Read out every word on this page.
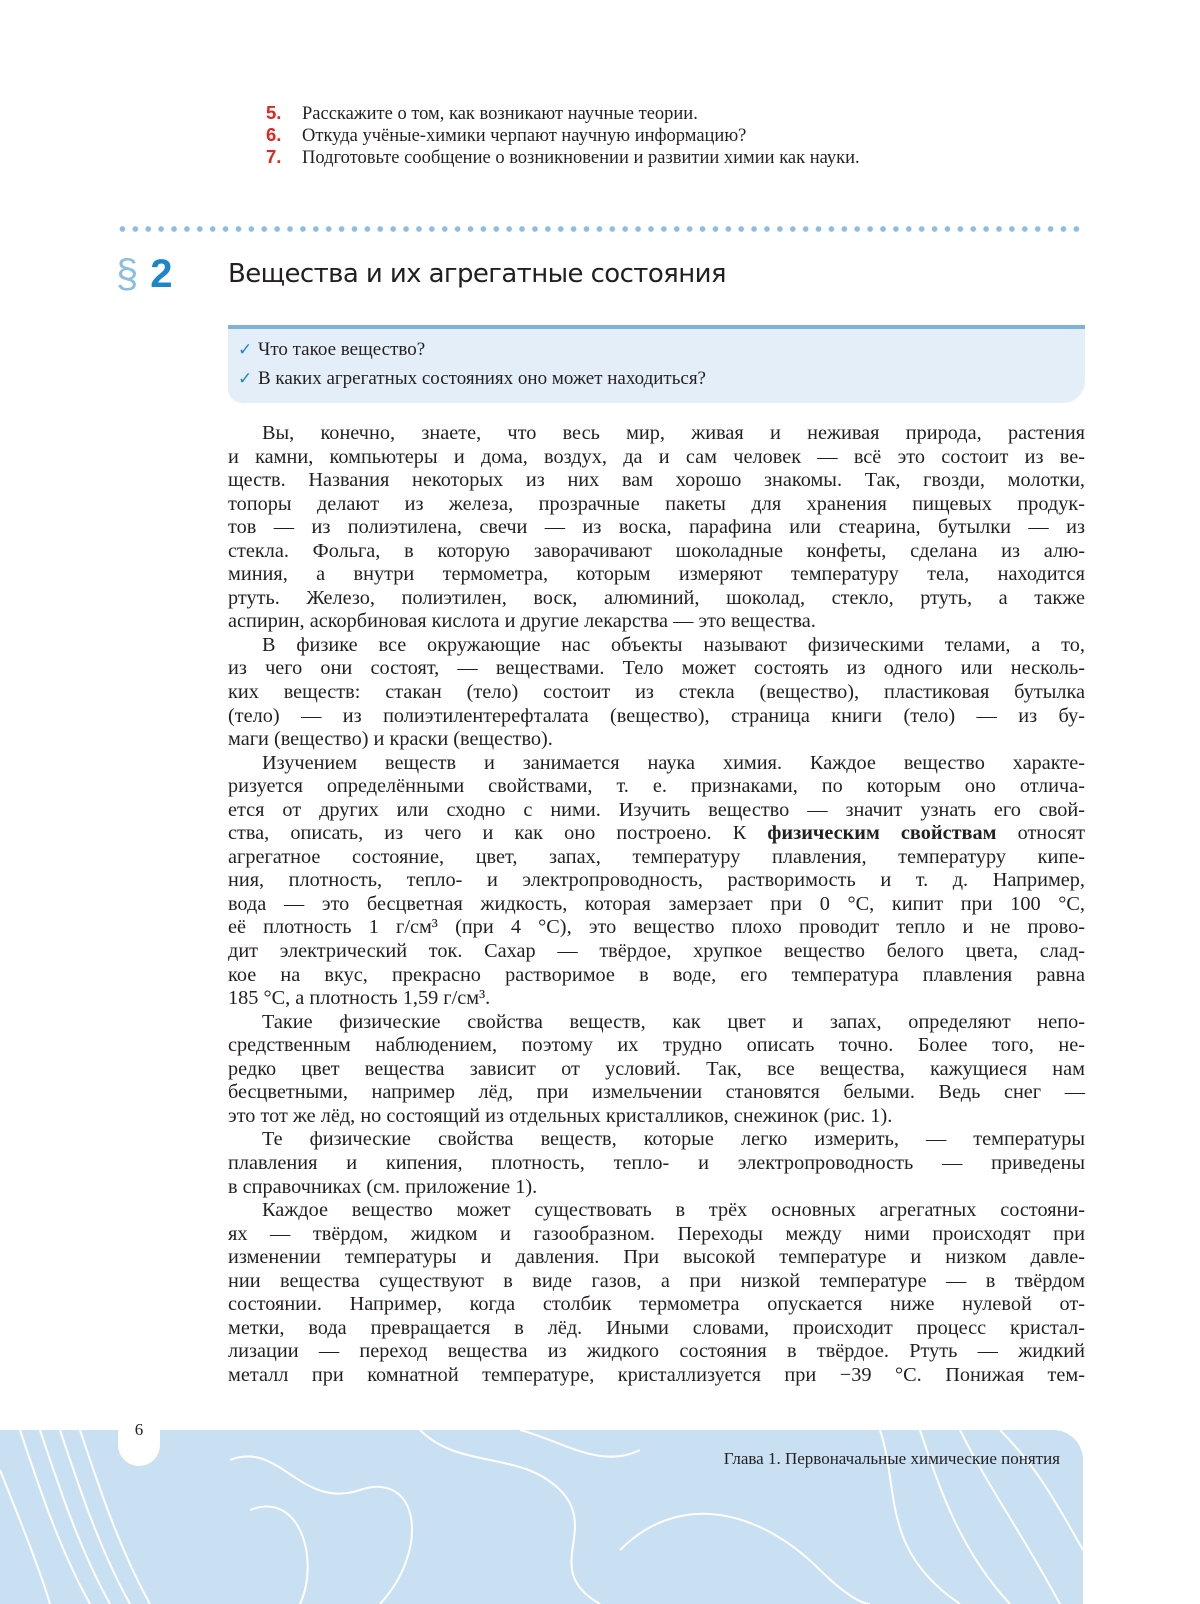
5. Расскажите о том, как возникают научные теории.
6. Откуда учёные-химики черпают научную информацию?
7. Подготовьте сообщение о возникновении и развитии химии как науки.
§ 2 Вещества и их агрегатные состояния
✓ Что такое вещество?
✓ В каких агрегатных состояниях оно может находиться?
Вы, конечно, знаете, что весь мир, живая и неживая природа, растения
и камни, компьютеры и дома, воздух, да и сам человек — всё это состоит из ве-
ществ. Названия некоторых из них вам хорошо знакомы. Так, гвозди, молотки,
топоры делают из железа, прозрачные пакеты для хранения пищевых продук-
тов — из полиэтилена, свечи — из воска, парафина или стеарина, бутылки — из
стекла. Фольга, в которую заворачивают шоколадные конфеты, сделана из алю-
миния, а внутри термометра, которым измеряют температуру тела, находится
ртуть. Железо, полиэтилен, воск, алюминий, шоколад, стекло, ртуть, а также
аспирин, аскорбиновая кислота и другие лекарства — это вещества.
В физике все окружающие нас объекты называют физическими телами, а то,
из чего они состоят, — веществами. Тело может состоять из одного или несколь-
ких веществ: стакан (тело) состоит из стекла (вещество), пластиковая бутылка
(тело) — из полиэтилентерефталата (вещество), страница книги (тело) — из бу-
маги (вещество) и краски (вещество).
Изучением веществ и занимается наука химия. Каждое вещество характе-
ризуется определёнными свойствами, т. е. признаками, по которым оно отлича-
ется от других или сходно с ними. Изучить вещество — значит узнать его свой-
ства, описать, из чего и как оно построено. К физическим свойствам относят
агрегатное состояние, цвет, запах, температуру плавления, температуру кипе-
ния, плотность, тепло- и электропроводность, растворимость и т. д. Например,
вода — это бесцветная жидкость, которая замерзает при 0 °C, кипит при 100 °C,
её плотность 1 г/см³ (при 4 °C), это вещество плохо проводит тепло и не прово-
дит электрический ток. Сахар — твёрдое, хрупкое вещество белого цвета, слад-
кое на вкус, прекрасно растворимое в воде, его температура плавления равна
185 °C, а плотность 1,59 г/см³.
Такие физические свойства веществ, как цвет и запах, определяют непо-
средственным наблюдением, поэтому их трудно описать точно. Более того, не-
редко цвет вещества зависит от условий. Так, все вещества, кажущиеся нам
бесцветными, например лёд, при измельчении становятся белыми. Ведь снег —
это тот же лёд, но состоящий из отдельных кристалликов, снежинок (рис. 1).
Те физические свойства веществ, которые легко измерить, — температуры
плавления и кипения, плотность, тепло- и электропроводность — приведены
в справочниках (см. приложение 1).
Каждое вещество может существовать в трёх основных агрегатных состояни-
ях — твёрдом, жидком и газообразном. Переходы между ними происходят при
изменении температуры и давления. При высокой температуре и низком давле-
нии вещества существуют в виде газов, а при низкой температуре — в твёрдом
состоянии. Например, когда столбик термометра опускается ниже нулевой от-
метки, вода превращается в лёд. Иными словами, происходит процесс кристал-
лизации — переход вещества из жидкого состояния в твёрдое. Ртуть — жидкий
металл при комнатной температуре, кристаллизуется при −39 °C. Понижая тем-
6
Глава 1. Первоначальные химические понятия
